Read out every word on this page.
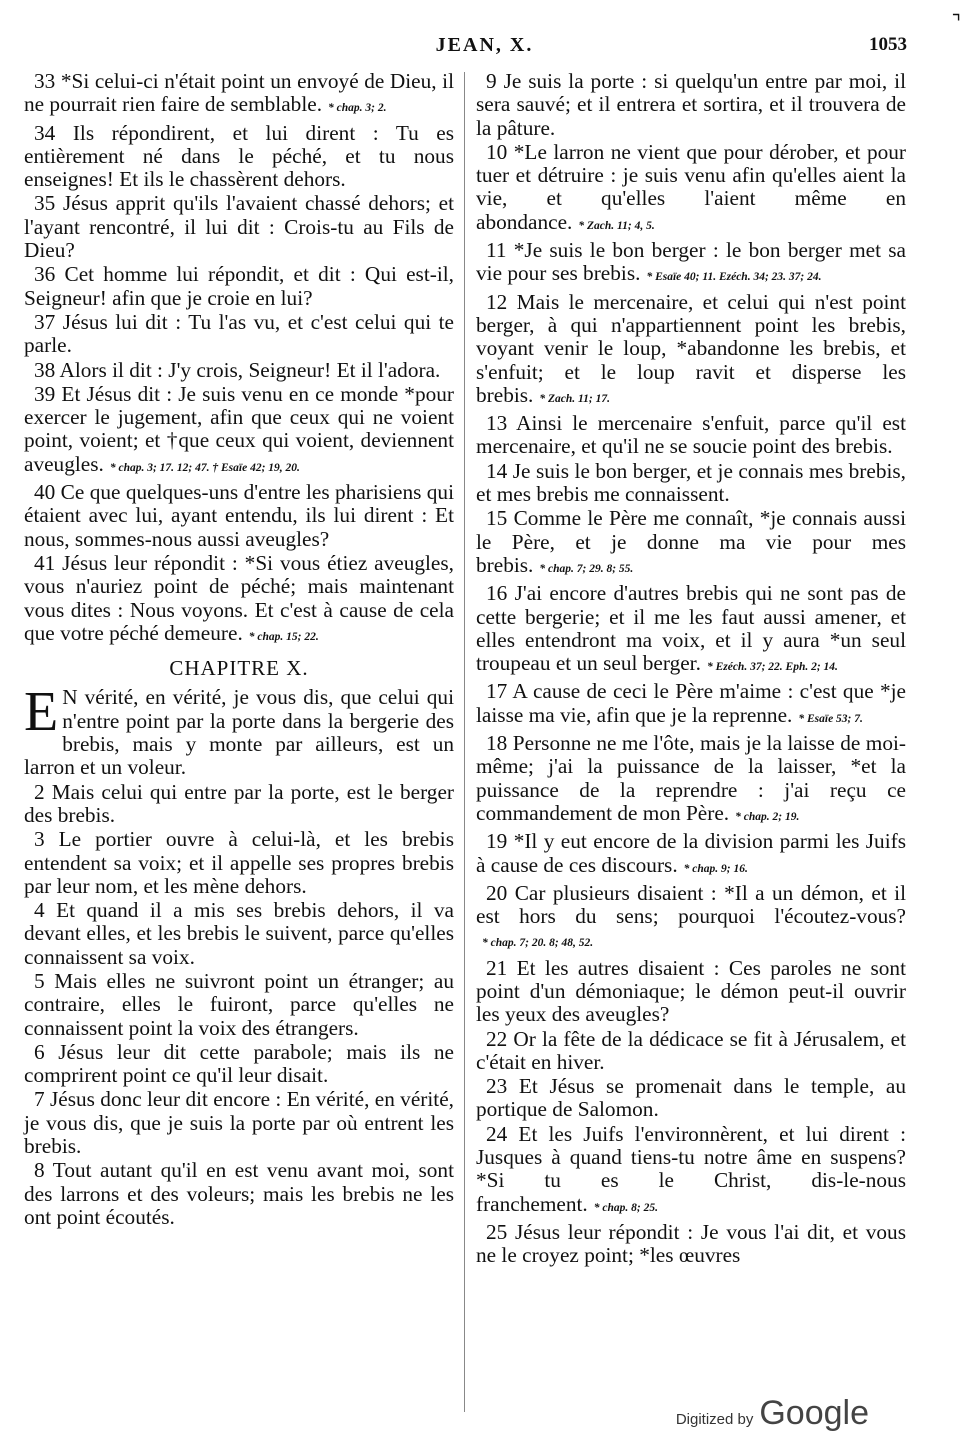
JEAN, X.	1053
⌝

33 *Si celui-ci n'était point un envoyé de Dieu, il ne pourrait rien faire de semblable. * chap. 3; 2.

34 Ils répondirent, et lui dirent : Tu es entièrement né dans le péché, et tu nous enseignes! Et ils le chassèrent dehors.

35 Jésus apprit qu'ils l'avaient chassé dehors; et l'ayant rencontré, il lui dit : Crois-tu au Fils de Dieu?

36 Cet homme lui répondit, et dit : Qui est-il, Seigneur! afin que je croie en lui?

37 Jésus lui dit : Tu l'as vu, et c'est celui qui te parle.

38 Alors il dit : J'y crois, Seigneur! Et il l'adora.

39 Et Jésus dit : Je suis venu en ce monde *pour exercer le jugement, afin que ceux qui ne voient point, voient; et †que ceux qui voient, deviennent aveugles. * chap. 3; 17. 12; 47. † Esaïe 42; 19, 20.

40 Ce que quelques-uns d'entre les pharisiens qui étaient avec lui, ayant entendu, ils lui dirent : Et nous, sommes-nous aussi aveugles?

41 Jésus leur répondit : *Si vous étiez aveugles, vous n'auriez point de péché; mais maintenant vous dites : Nous voyons. Et c'est à cause de cela que votre péché demeure. * chap. 15; 22.

CHAPITRE X.

E N vérité, en vérité, je vous dis, que celui qui n'entre point par la porte dans la bergerie des brebis, mais y monte par ailleurs, est un larron et un voleur.

2 Mais celui qui entre par la porte, est le berger des brebis.

3 Le portier ouvre à celui-là, et les brebis entendent sa voix; et il appelle ses propres brebis par leur nom, et les mène dehors.

4 Et quand il a mis ses brebis dehors, il va devant elles, et les brebis le suivent, parce qu'elles connaissent sa voix.

5 Mais elles ne suivront point un étranger; au contraire, elles le fuiront, parce qu'elles ne connaissent point la voix des étrangers.

6 Jésus leur dit cette parabole; mais ils ne comprirent point ce qu'il leur disait.

7 Jésus donc leur dit encore : En vérité, en vérité, je vous dis, que je suis la porte par où entrent les brebis.

8 Tout autant qu'il en est venu avant moi, sont des larrons et des voleurs; mais les brebis ne les ont point écoutés.

9 Je suis la porte : si quelqu'un entre par moi, il sera sauvé; et il entrera et sortira, et il trouvera de la pâture.

10 *Le larron ne vient que pour dérober, et pour tuer et détruire : je suis venu afin qu'elles aient la vie, et qu'elles l'aient même en abondance. * Zach. 11; 4, 5.

11 *Je suis le bon berger : le bon berger met sa vie pour ses brebis. * Esaïe 40; 11. Ezéch. 34; 23. 37; 24.

12 Mais le mercenaire, et celui qui n'est point berger, à qui n'appartiennent point les brebis, voyant venir le loup, *abandonne les brebis, et s'enfuit; et le loup ravit et disperse les brebis. * Zach. 11; 17.

13 Ainsi le mercenaire s'enfuit, parce qu'il est mercenaire, et qu'il ne se soucie point des brebis.

14 Je suis le bon berger, et je connais mes brebis, et mes brebis me connaissent.

15 Comme le Père me connaît, *je connais aussi le Père, et je donne ma vie pour mes brebis. * chap. 7; 29. 8; 55.

16 J'ai encore d'autres brebis qui ne sont pas de cette bergerie; et il me les faut aussi amener, et elles entendront ma voix, et il y aura *un seul troupeau et un seul berger. * Ezéch. 37; 22. Eph. 2; 14.

17 A cause de ceci le Père m'aime : c'est que *je laisse ma vie, afin que je la reprenne. * Esaïe 53; 7.

18 Personne ne me l'ôte, mais je la laisse de moi-même; j'ai la puissance de la laisser, *et la puissance de la reprendre : j'ai reçu ce commandement de mon Père. * chap. 2; 19.

19 *Il y eut encore de la division parmi les Juifs à cause de ces discours. * chap. 9; 16.

20 Car plusieurs disaient : *Il a un démon, et il est hors du sens; pourquoi l'écoutez-vous?* chap. 7; 20. 8; 48, 52.

21 Et les autres disaient : Ces paroles ne sont point d'un démoniaque; le démon peut-il ouvrir les yeux des aveugles?

22 Or la fête de la dédicace se fit à Jérusalem, et c'était en hiver.

23 Et Jésus se promenait dans le temple, au portique de Salomon.

24 Et les Juifs l'environnèrent, et lui dirent : Jusques à quand tiens-tu notre âme en suspens? *Si tu es le Christ, dis-le-nous franchement. * chap. 8; 25.

25 Jésus leur répondit : Je vous l'ai dit, et vous ne le croyez point; *les œuvres

Digitized by Google
